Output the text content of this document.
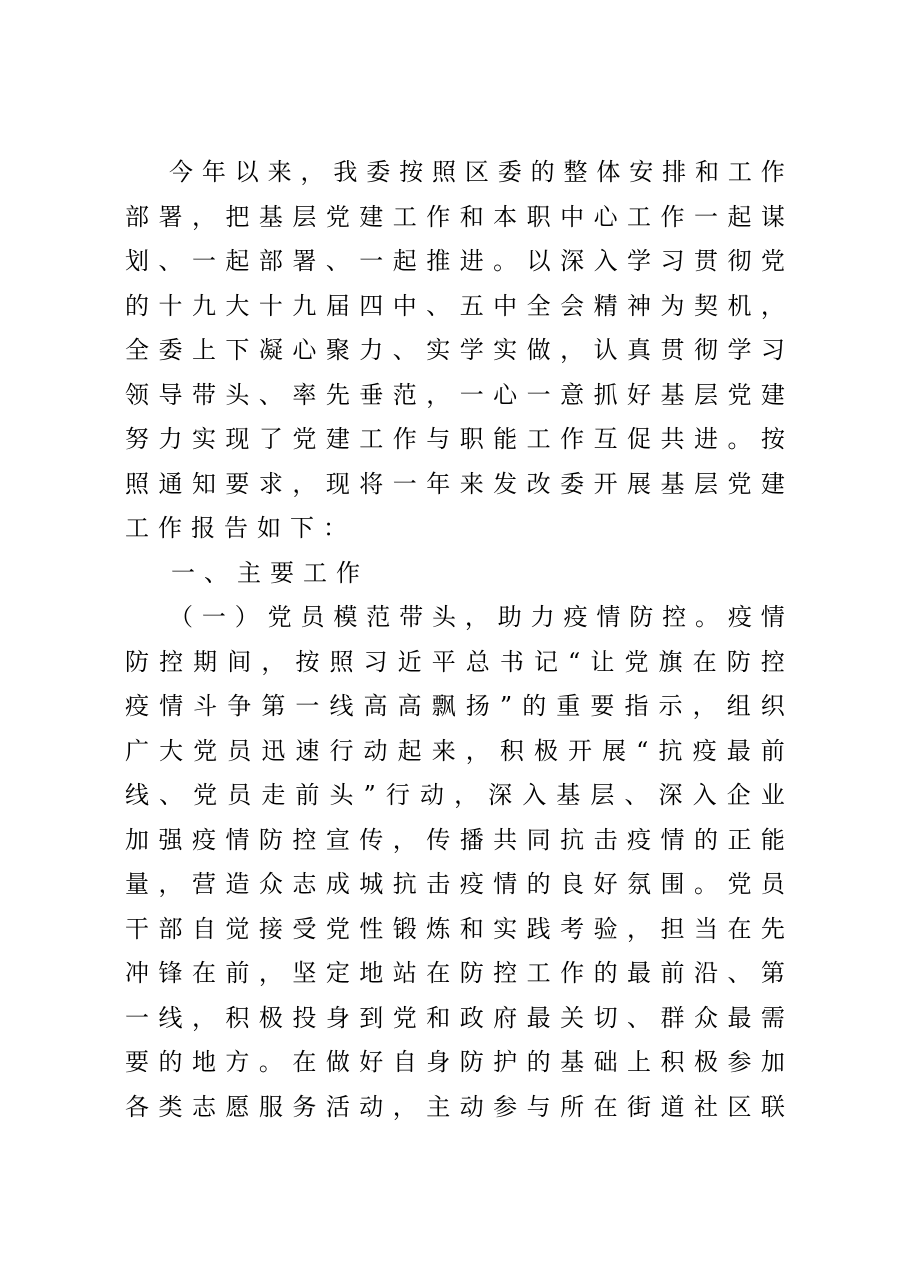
今 年 以 来 ， 我 委 按 照 区 委 的 整 体 安 排 和 工 作
部 署 ， 把 基 层 党 建 工 作 和 本 职 中 心 工 作 一 起 谋
划 、 一 起 部 署 、 一 起 推 进 。 以 深 入 学 习 贯 彻 党
的 十 九 大 十 九 届 四 中 、 五 中 全 会 精 神 为 契 机 ，
全 委 上 下 凝 心 聚 力 、 实 学 实 做 ， 认 真 贯 彻 学 习
领 导 带 头 、 率 先 垂 范 ， 一 心 一 意 抓 好 基 层 党 建
努 力 实 现 了 党 建 工 作 与 职 能 工 作 互 促 共 进 。 按
照 通 知 要 求 ， 现 将 一 年 来 发 改 委 开 展 基 层 党 建
工 作 报 告 如 下 ：
一 、 主 要 工 作
（ 一 ） 党 员 模 范 带 头 ， 助 力 疫 情 防 控 。 疫 情
防 控 期 间 ， 按 照 习 近 平 总 书 记 “ 让 党 旗 在 防 控
疫 情 斗 争 第 一 线 高 高 飘 扬 ” 的 重 要 指 示 ， 组 织
广 大 党 员 迅 速 行 动 起 来 ， 积 极 开 展 “ 抗 疫 最 前
线 、 党 员 走 前 头 ” 行 动 ， 深 入 基 层 、 深 入 企 业
加 强 疫 情 防 控 宣 传 ， 传 播 共 同 抗 击 疫 情 的 正 能
量 ， 营 造 众 志 成 城 抗 击 疫 情 的 良 好 氛 围 。 党 员
干 部 自 觉 接 受 党 性 锻 炼 和 实 践 考 验 ， 担 当 在 先
冲 锋 在 前 ， 坚 定 地 站 在 防 控 工 作 的 最 前 沿 、 第
一 线 ， 积 极 投 身 到 党 和 政 府 最 关 切 、 群 众 最 需
要 的 地 方 。 在 做 好 自 身 防 护 的 基 础 上 积 极 参 加
各 类 志 愿 服 务 活 动 ， 主 动 参 与 所 在 街 道 社 区 联
